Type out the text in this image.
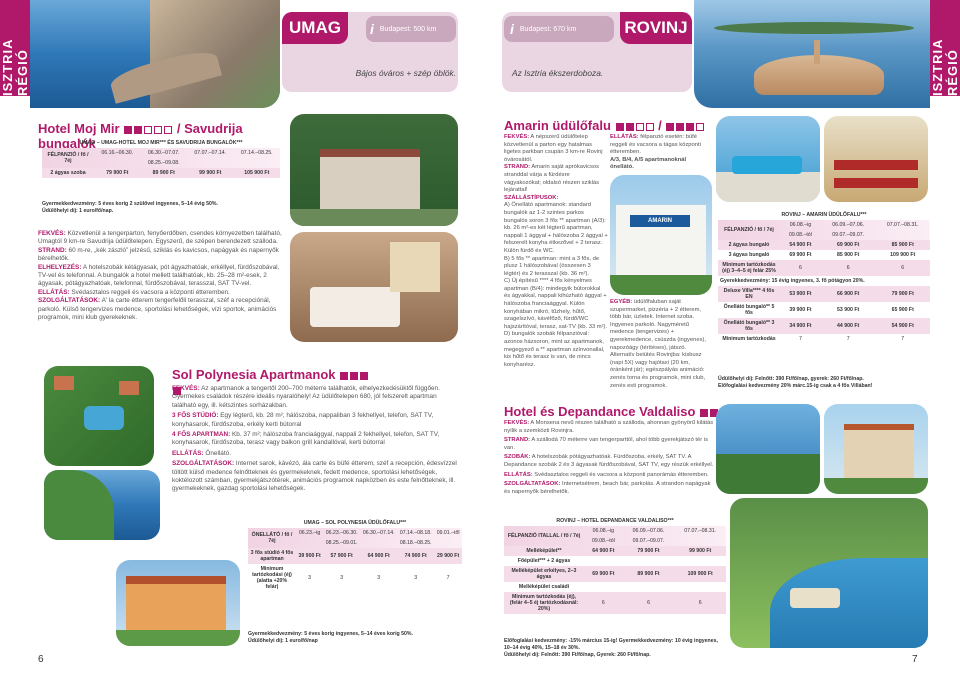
ISZTRIA RÉGIÓ	ISZTRIA RÉGIÓ
UMAG	i Budapest: 500 km
Bájos óváros + szép öblök.
i Budapest: 670 km	ROVINJ
Az Isztria ékszerdoboza.
Hotel Moj Mir	/ Savudrija bungalók
UMAG – UMAG-HOTEL MOJ MIR*** ÉS SAVUDRIJA BUNGALÓK***				
FÉLPANZIÓ / fő / 7éj	06.16.–06.30.	06.30.–07.07.	07.07.–07.14.	07.14.–08.25.
		08.25.–09.08.		
2 ágyas szoba	79 900 Ft	89 900 Ft	99 900 Ft	105 900 Ft
Gyermekkedvezmény: 5 éves korig 2 szülővel ingyenes, 5–14 évig 50%.
Üdülőhelyi díj: 1 euro/fő/nap.

FEKVÉS: Közvetlenül a tengerparton, fenyőerdőben, csendes környezetben található, Umagtól 9 km-re Savudrija üdülőtelepen. Egyszerű, de szépen berendezett szálloda.

STRAND: 60 m-re, „kék zászló” jelzésű, sziklás és kavicsos, napágyak és napernyők bérelhetők.

ELHELYEZÉS: A hotelszobák kétágyasak, pót ágyazhatóak, erkéllyel, fürdőszobával, TV-vel és telefonnal. A bungalók a hotel mellett találhatóak, kb. 25–28 m²-esek, 2 ágyasak, pótágyazhatóak, telefonnal, fürdőszobával, terasszal, SAT TV-vel.

ELLÁTÁS: Svédasztalos reggeli és vacsora a központi étteremben.

SZOLGÁLTATÁSOK: A' la carte étterem tengerfelőli terasszal, széf a recepciónál, parkoló. Külső tengervizes medence, sportolási lehetőségek, vízi sportok, animációs programok, mini klub gyerekeknek.

Sol Polynesia Apartmanok

FEKVÉS: Az apartmanok a tengertől 200–700 méterre találhatók, elhelyezkedésüktől függően. Gyermekes családok részére ideális nyaralóhely! Az üdülőtelepen 680, jól felszerelt apartman található egy, ill. kétszintes sorházakban.

3 FŐS STÚDIÓ: Egy légterű, kb. 28 m²; hálószoba, nappaliban 3 fekhellyel, telefon, SAT TV, konyhasarok, fürdőszoba, erkély kerti bútorral

4 FŐS APARTMAN: Kb. 37 m²; hálószoba franciaággyal, nappali 2 fekhellyel, telefon, SAT TV, konyhasarok, fürdőszoba, terasz vagy balkon grill kandallóval, kerti bútorral

ELLÁTÁS: Önellátó.

SZOLGÁLTATÁSOK: Internet sarok, kávézó, ála carte és büfé étterem, széf a recepción, édesvízzel töltött külső medence felnőtteknek és gyermekeknek, fedett medence, sportolási lehetőségek, koktélozott számban, gyermekjátszótérek, animációs programok napközben és este felnőtteknek, ill. gyermekeknek, gazdag sportolási lehetőségek.

UMAG – SOL POLYNESIA ÜDÜLŐFALU***					
ÖNELLÁTÓ / fő / 7éj	06.23.–ig	06.23.–06.30.	06.30.–07.14.	07.14.–08.18.	09.01.–től
		08.25.–09.01.		08.18.–08.25.	
3 fős stúdió 4 fős apartman	39 900 Ft	57 900 Ft	64 900 Ft	74 900 Ft	29 900 Ft
Minimum tartózkodási (éj) (alatta +20% felár)	3	3	3	3	7
Gyermekkedvezmény: 5 éves korig ingyenes, 5–14 éves korig 50%.
Üdülőhelyi díj: 1 euro/fő/nap
6
Amarin üdülőfalu	/

FEKVÉS: A népszerű üdülőtelep közvetlenül a parton egy hatalmas ligetes parkban csupán 3 km-re Rovinj óvárosától.

STRAND: Amarin saját aprókavicsos stranddal várja a fürdésre vágyakozókat; oldalsó részen sziklás lejárattal!

SZÁLLÁSTÍPUSOK:

A) Önellátó apartmanok: standard bungalók az 1-2 szintes parkos bungalós soron 3 fős ** apartman (A/3): kb. 26 m²-es két légterű apartman, nappali 1 ággyal + hálószoba 2 ággyal + felszerelt konyha étkezővel + 2 terasz. Külön fürdő és WC.

B) 5 fős ** apartman: mint a 3 fős, de plusz 1 hálószobával (összesen 3 légtér) és 2 terasszal (kb. 36 m²).

C) Új építésű **** 4 fős kényelmes apartman (B/4): mindegyik bútorokkal és ágyakkal, nappali kihúzható ággyal + hálószoba franciaággyal. Külön konyhában mikró, tűzhely, hűtő, szagelszívó, kávéfőző, fürdő/WC hajszárítóval, terasz, sat-TV (kb. 33 m²).

D) bungalók szobák félpanzióval: azonos házsoron, mint az apartmanok, megegyező a ** apartman színvonallal, kis hűtő és terasz is van, de nincs konyharész.

ELLÁTÁS: félpanzió esetén: büfé reggeli és vacsora a tágas központi étteremben.

A/3, B/4, A/5 apartmanoknál önellátó.

AMARIN

EGYÉB: üdülőfaluban saját szupermarket, pizzéria + 2 étterem, több bár, üzletek. Internet szoba. Ingyenes parkoló. Nagyméretű medence (tengervizes) + gyerekmedence, csúszda (ingyenes), napozóágy (térítéses), játszó.

Alternatív beiütés Rovinjba: kisbusz (napi 5X) vagy hajótaxi (20 km, óránként jár); egészpályás animáció: zenés torna és programok, mini club, zenés esti programok.

ROVINJ – AMARIN ÜDÜLŐFALU***			
FÉLPANZIÓ / fő / 7éj	06.08.–ig	06.09.–07.06.	07.07.–08.31.
	09.08.–tól	09.07.–09.07.	
2 ágyas bungaló	54 900 Ft	69 900 Ft	85 900 Ft
3 ágyas bungaló	69 900 Ft	85 900 Ft	109 900 Ft
Minimum tartózkodás (éj) 3–4–5 éj felár 25%	6	6	6
Gyerekkedvezmény: 15 évig ingyenes, 3. fő pótágyon 20%.			
Deluxe Villa**** 4 fős EN	53 900 Ft	66 900 Ft	79 900 Ft
Önellátó bungaló** 5 fős	39 900 Ft	53 900 Ft	65 900 Ft
Önellátó bungaló** 3 fős	34 900 Ft	44 900 Ft	54 900 Ft
Minimum tartózkodás	7	7	7
Üdülőhelyi díj: Felnőtt: 390 Ft/fő/nap, gyerek: 260 Ft/fő/nap.
Előfoglalási kedvezmény 20% márc.15-ig csak a 4 fős Villában!
Hotel és Depandance Valdaliso

FEKVÉS: A Monsena nevű részen található a szálloda, ahonnan gyönyörű kilátás nyílik a szemközti Rovinjra.

STRAND: A szállodá 70 méterre van tengerparttól, ahol több gyerekjátszó tér is van.

SZOBÁK: A hotelszobák pótágyazhatóak. Fürdőszoba, erkély, SAT TV. A Depandance szobák 2 és 3 ágyasak fürdőszobával, SAT TV, egy részük erkéllyel.

ELLÁTÁS: Svédasztalos reggeli és vacsora a központi panorámás étteremben.

SZOLGÁLTATÁSOK: Internetsétrem, beach bár, parkolás. A strandon napágyak és napernyők bérelhetők.

ROVINJ – HOTEL DEPANDANCE VALDALISO***			
FÉLPANZIÓ ITALLAL / fő / 7éj	06.08.–ig	06.09.–07.06.	07.07.–08.31.
	09.08.–tól	09.07.–09.07.	
Melléképület**	64 900 Ft	79 900 Ft	99 900 Ft
Főépület*** + 2 ágyas			
Melléképület erkélyes, 2–3 ágyas	69 900 Ft	89 900 Ft	109 900 Ft
Melléképület családi			
Minimum tartózkodás (éj), (felár 4–5 éj tartózkodásnál: 20%)	6	6	6
Előfoglalási kedvezmény: -15% március 15-ig! Gyermekkedvezmény: 10 évig ingyenes, 10–14 évig 40%, 15–18 év 30%.
Üdülőhelyi díj: Felnőtt: 390 Ft/fő/nap, Gyerek: 260 Ft/fő/nap.	7
